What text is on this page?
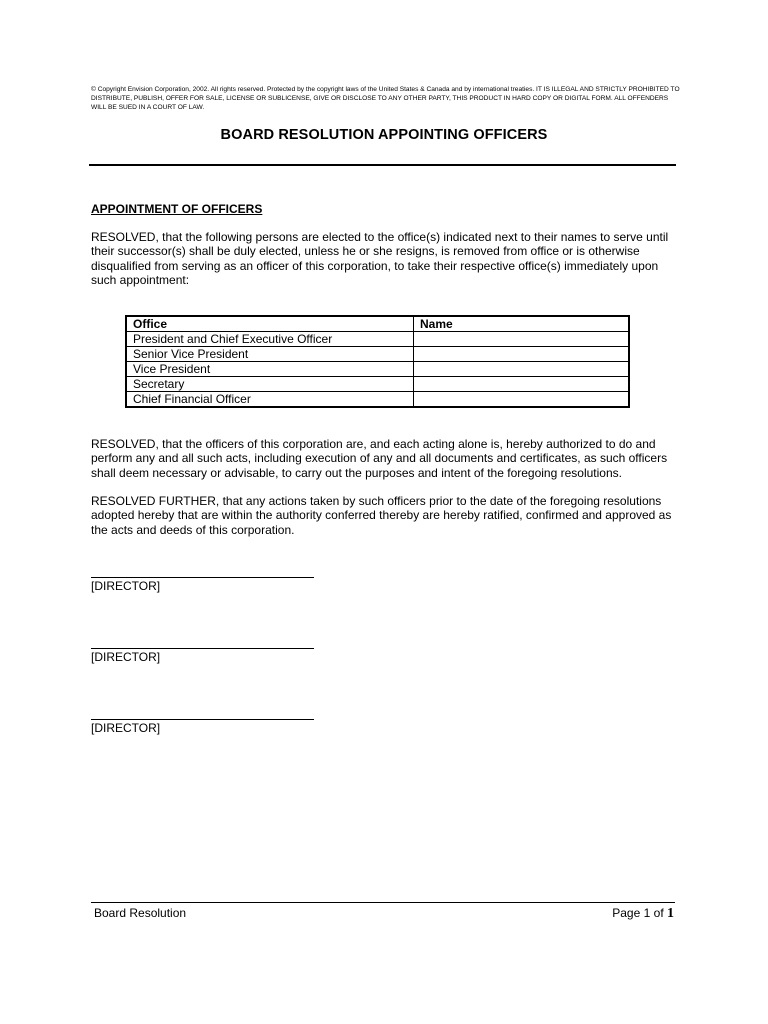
© Copyright Envision Corporation, 2002. All rights reserved. Protected by the copyright laws of the United States & Canada and by international treaties. IT IS ILLEGAL AND STRICTLY PROHIBITED TO DISTRIBUTE, PUBLISH, OFFER FOR SALE, LICENSE OR SUBLICENSE, GIVE OR DISCLOSE TO ANY OTHER PARTY, THIS PRODUCT IN HARD COPY OR DIGITAL FORM. ALL OFFENDERS WILL BE SUED IN A COURT OF LAW.
BOARD RESOLUTION APPOINTING OFFICERS
APPOINTMENT OF OFFICERS
RESOLVED, that the following persons are elected to the office(s) indicated next to their names to serve until their successor(s) shall be duly elected, unless he or she resigns, is removed from office or is otherwise disqualified from serving as an officer of this corporation, to take their respective office(s) immediately upon such appointment:
Office	Name
President and Chief Executive Officer	
Senior Vice President	
Vice President	
Secretary	
Chief Financial Officer	
RESOLVED, that the officers of this corporation are, and each acting alone is, hereby authorized to do and perform any and all such acts, including execution of any and all documents and certificates, as such officers shall deem necessary or advisable, to carry out the purposes and intent of the foregoing resolutions.
RESOLVED FURTHER, that any actions taken by such officers prior to the date of the foregoing resolutions adopted hereby that are within the authority conferred thereby are hereby ratified, confirmed and approved as the acts and deeds of this corporation.
[DIRECTOR]
[DIRECTOR]
[DIRECTOR]
Board Resolution	Page 1 of 1
